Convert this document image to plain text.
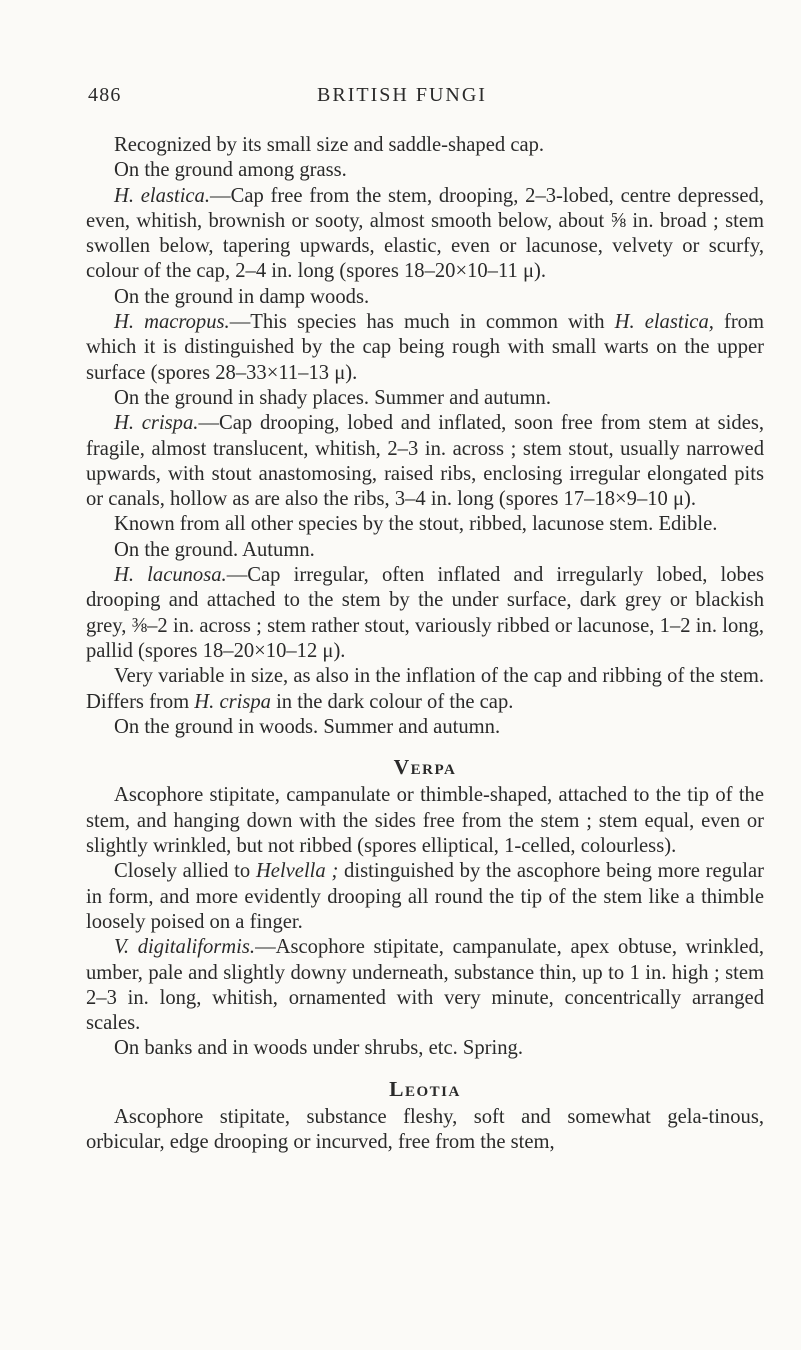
486	BRITISH FUNGI

Recognized by its small size and saddle-shaped cap.

On the ground among grass.

H. elastica.—Cap free from the stem, drooping, 2–3-lobed, centre depressed, even, whitish, brownish or sooty, almost smooth below, about ⅝ in. broad ; stem swollen below, tapering upwards, elastic, even or lacunose, velvety or scurfy, colour of the cap, 2–4 in. long (spores 18–20×10–11 μ).

On the ground in damp woods.

H. macropus.—This species has much in common with H. elastica, from which it is distinguished by the cap being rough with small warts on the upper surface (spores 28–33×11–13 μ).

On the ground in shady places. Summer and autumn.

H. crispa.—Cap drooping, lobed and inflated, soon free from stem at sides, fragile, almost translucent, whitish, 2–3 in. across ; stem stout, usually narrowed upwards, with stout anastomosing, raised ribs, enclosing irregular elongated pits or canals, hollow as are also the ribs, 3–4 in. long (spores 17–18×9–10 μ).

Known from all other species by the stout, ribbed, lacunose stem. Edible.

On the ground. Autumn.

H. lacunosa.—Cap irregular, often inflated and irregularly lobed, lobes drooping and attached to the stem by the under surface, dark grey or blackish grey, ⅜–2 in. across ; stem rather stout, variously ribbed or lacunose, 1–2 in. long, pallid (spores 18–20×10–12 μ).

Very variable in size, as also in the inflation of the cap and ribbing of the stem. Differs from H. crispa in the dark colour of the cap.

On the ground in woods. Summer and autumn.

Verpa

Ascophore stipitate, campanulate or thimble-shaped, attached to the tip of the stem, and hanging down with the sides free from the stem ; stem equal, even or slightly wrinkled, but not ribbed (spores elliptical, 1-celled, colourless).

Closely allied to Helvella ; distinguished by the ascophore being more regular in form, and more evidently drooping all round the tip of the stem like a thimble loosely poised on a finger.

V. digitaliformis.—Ascophore stipitate, campanulate, apex obtuse, wrinkled, umber, pale and slightly downy underneath, substance thin, up to 1 in. high ; stem 2–3 in. long, whitish, ornamented with very minute, concentrically arranged scales.

On banks and in woods under shrubs, etc. Spring.

Leotia

Ascophore stipitate, substance fleshy, soft and somewhat gela-tinous, orbicular, edge drooping or incurved, free from the stem,
